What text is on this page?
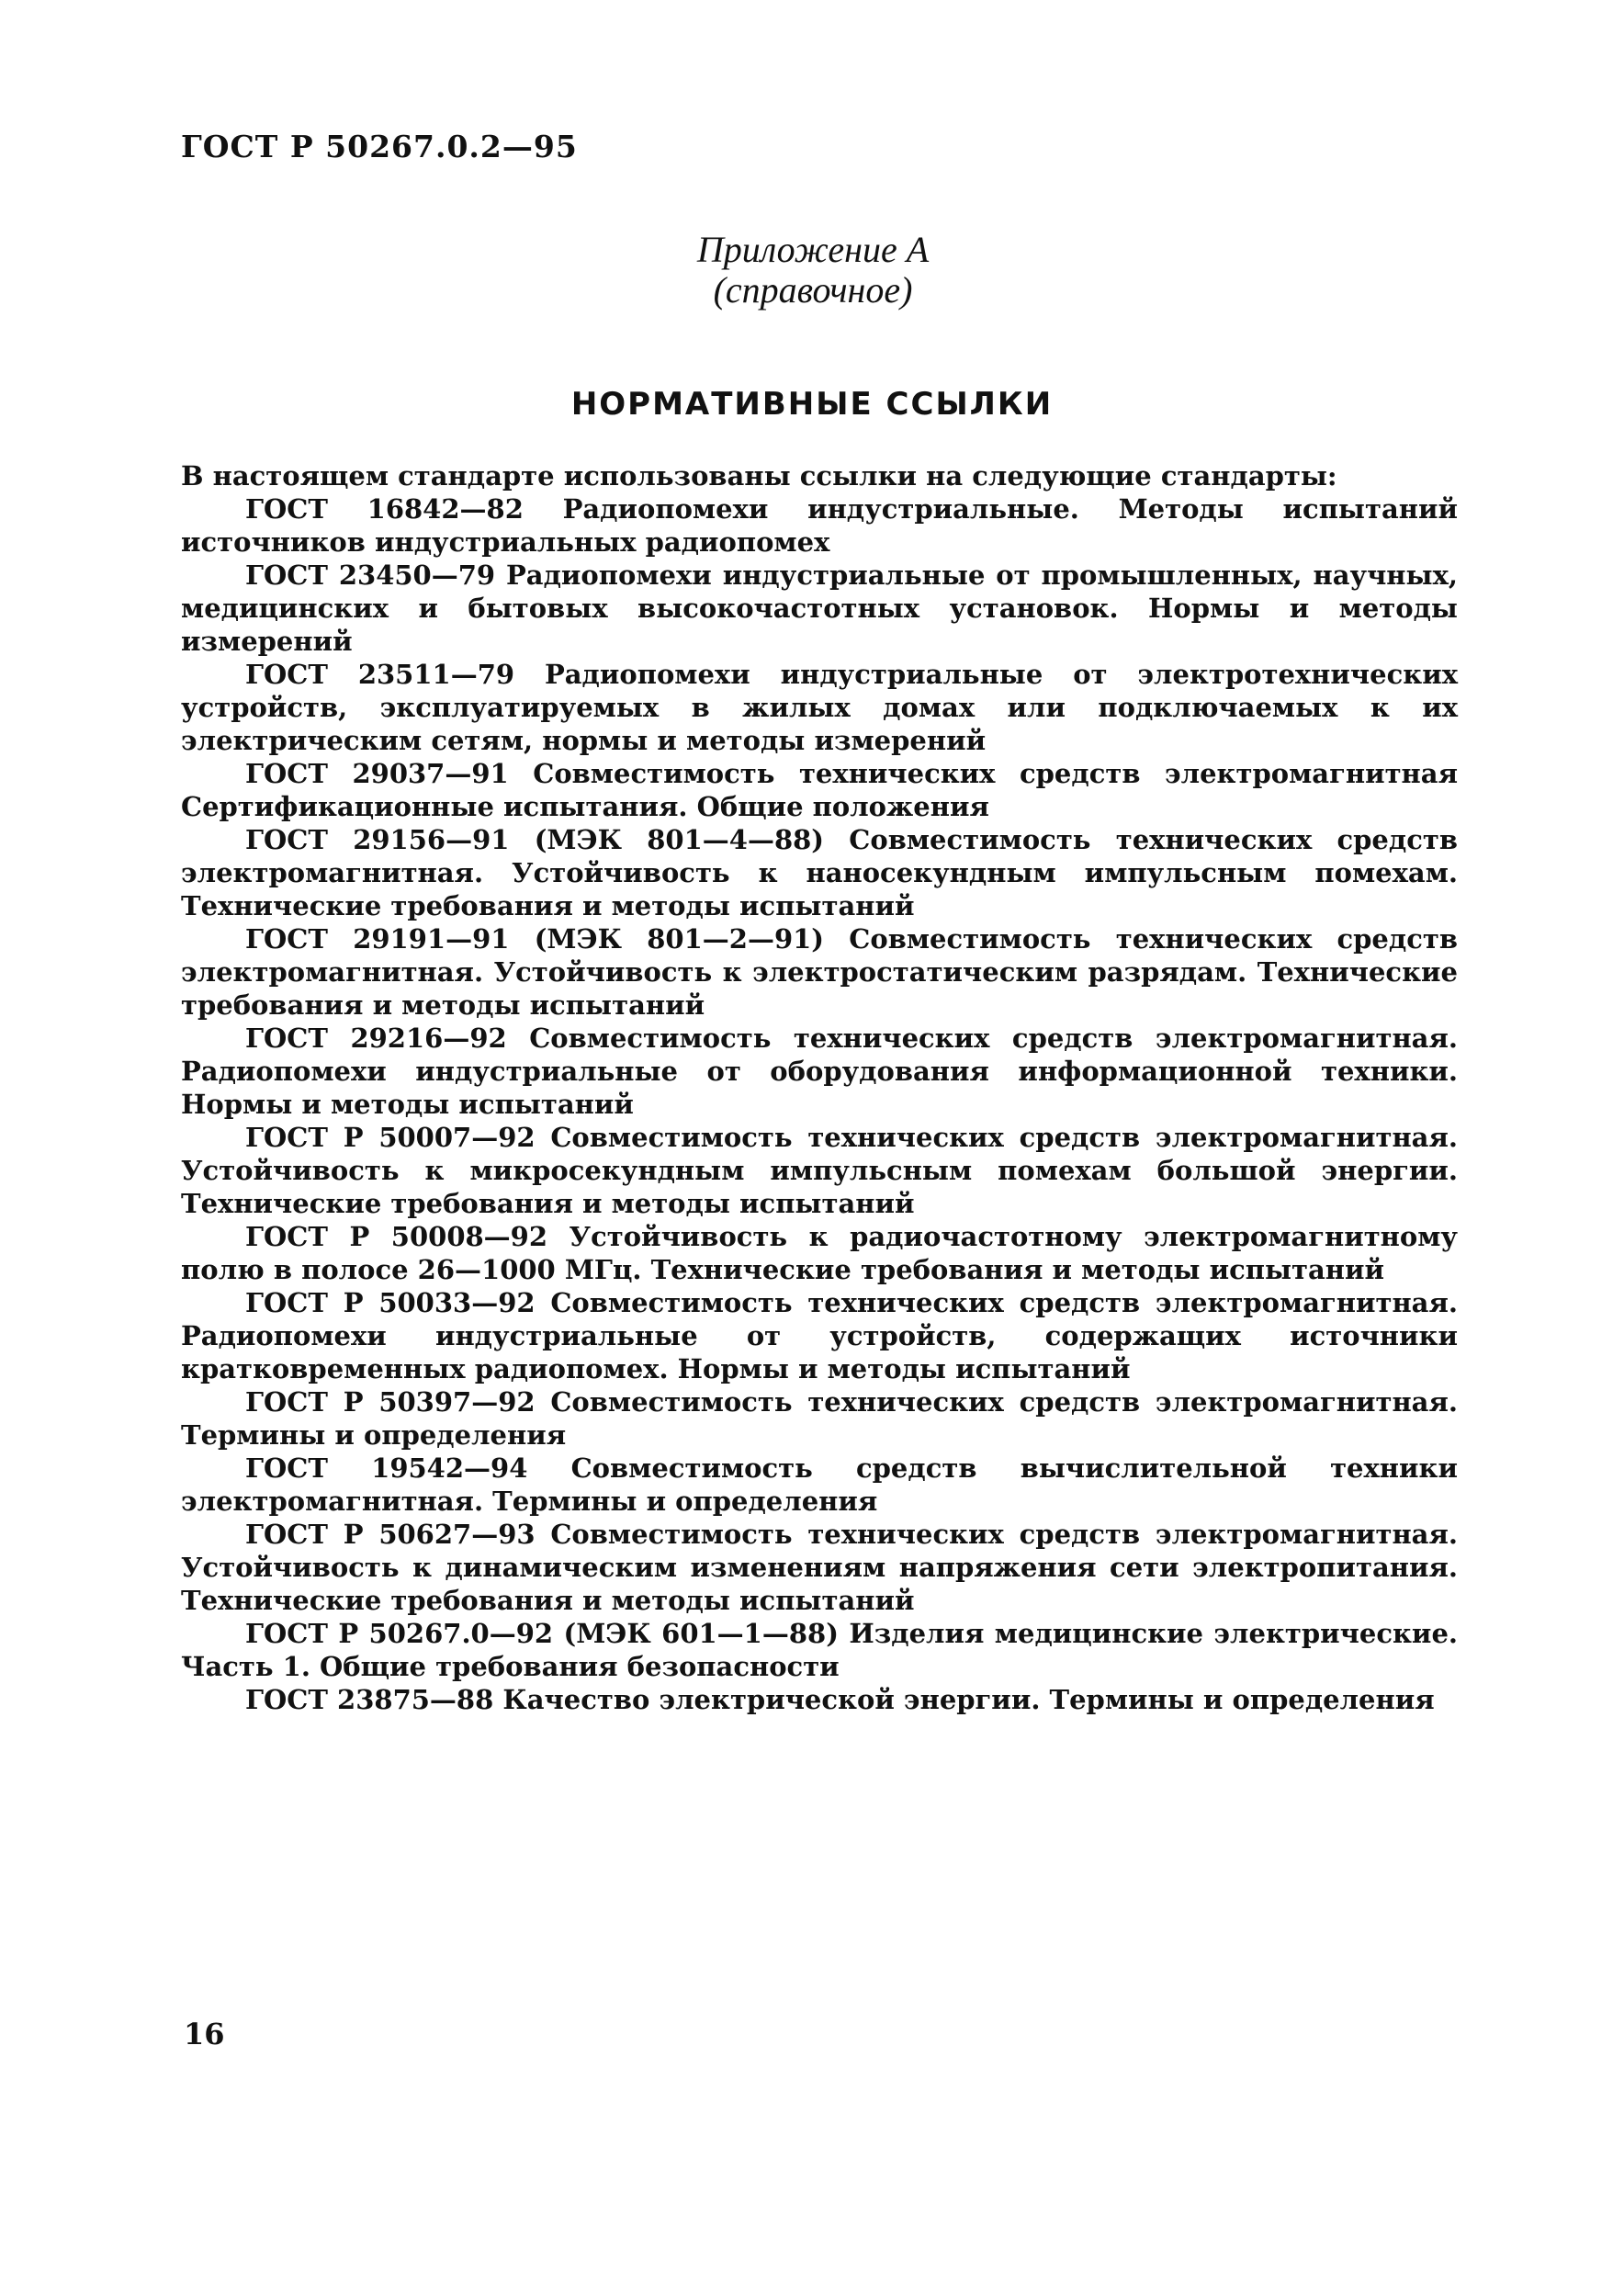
ГОСТ Р 50267.0.2—95
Приложение А
(справочное)
НОРМАТИВНЫЕ ССЫЛКИ

В настоящем стандарте использованы ссылки на следующие стандарты:

ГОСТ 16842—82 Радиопомехи индустриальные. Методы испытаний источников индустриальных радиопомех

ГОСТ 23450—79 Радиопомехи индустриальные от промышленных, научных, медицинских и бытовых высокочастотных установок. Нормы и методы измерений

ГОСТ 23511—79 Радиопомехи индустриальные от электротехнических устройств, эксплуатируемых в жилых домах или подключаемых к их электрическим сетям, нормы и методы измерений

ГОСТ 29037—91 Совместимость технических средств электромагнитная Сертификационные испытания. Общие положения

ГОСТ 29156—91 (МЭК 801—4—88) Совместимость технических средств электромагнитная. Устойчивость к наносекундным импульсным помехам. Технические требования и методы испытаний

ГОСТ 29191—91 (МЭК 801—2—91) Совместимость технических средств электромагнитная. Устойчивость к электростатическим разрядам. Технические требования и методы испытаний

ГОСТ 29216—92 Совместимость технических средств электромагнитная. Радиопомехи индустриальные от оборудования информационной техники. Нормы и методы испытаний

ГОСТ Р 50007—92 Совместимость технических средств электромагнитная. Устойчивость к микросекундным импульсным помехам большой энергии. Технические требования и методы испытаний

ГОСТ Р 50008—92 Устойчивость к радиочастотному электромагнитному полю в полосе 26—1000 МГц. Технические требования и методы испытаний

ГОСТ Р 50033—92 Совместимость технических средств электромагнитная. Радиопомехи индустриальные от устройств, содержащих источники кратковременных радиопомех. Нормы и методы испытаний

ГОСТ Р 50397—92 Совместимость технических средств электромагнитная. Термины и определения

ГОСТ 19542—94 Совместимость средств вычислительной техники электромагнитная. Термины и определения

ГОСТ Р 50627—93 Совместимость технических средств электромагнитная. Устойчивость к динамическим изменениям напряжения сети электропитания. Технические требования и методы испытаний

ГОСТ Р 50267.0—92 (МЭК 601—1—88) Изделия медицинские электрические. Часть 1. Общие требования безопасности

ГОСТ 23875—88 Качество электрической энергии. Термины и определения

16
